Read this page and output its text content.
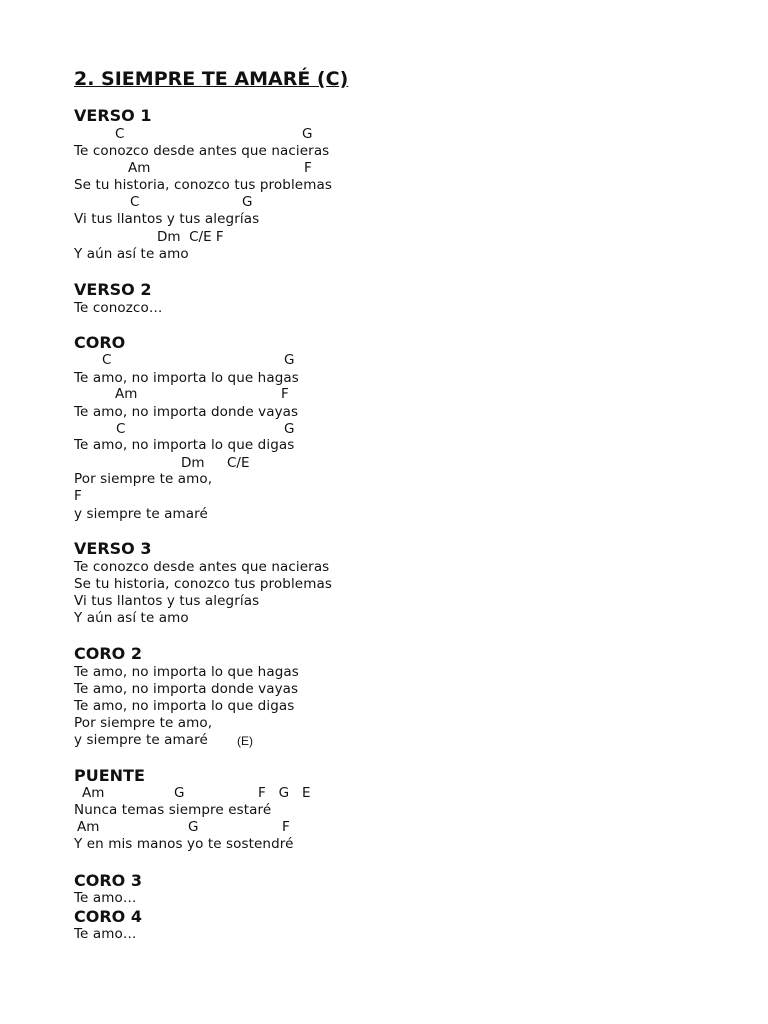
2. SIEMPRE TE AMARÉ (C)
VERSO 1
C	G
Te conozco desde antes que nacieras
Am	F
Se tu historia, conozco tus problemas
C	G
Vi tus llantos y tus alegrías
Dm  C/E F
Y aún así te amo
VERSO 2
Te conozco…
CORO
C	G
Te amo, no importa lo que hagas
Am	F
Te amo, no importa donde vayas
C	G
Te amo, no importa lo que digas
Dm C/E
Por siempre te amo,
F
y siempre te amaré
VERSO 3
Te conozco desde antes que nacieras
Se tu historia, conozco tus problemas
Vi tus llantos y tus alegrías
Y aún así te amo
CORO 2
Te amo, no importa lo que hagas
Te amo, no importa donde vayas
Te amo, no importa lo que digas
Por siempre te amo,
y siempre te amaré (E)
PUENTE
Am	G	F   G   E
Nunca temas siempre estaré
Am	G	F
Y en mis manos yo te sostendré
CORO 3
Te amo…
CORO 4
Te amo…
